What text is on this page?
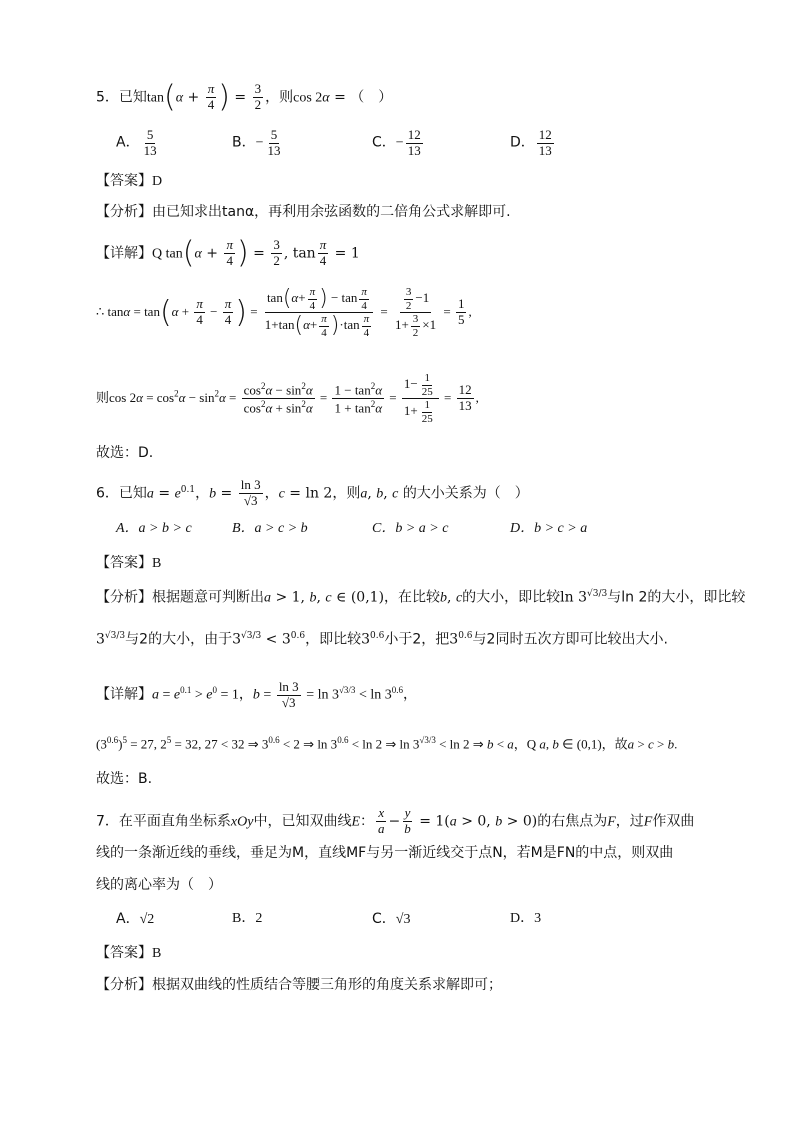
5．已知$\tan(\alpha + \frac{\pi}{4}$ ) = $\frac{3}{2}$ ，则cos 2α = （　）
A． $\frac{5}{13}$	B．− $\frac{5}{13}$	C．− $\frac{12}{13}$	D． $\frac{12}{13}$
【答案】D
【分析】由已知求出tanα，再利用余弦函数的二倍角公式求解即可.
【详解】Q $\tan(\alpha + \frac{\pi}{4}$ ) = $\frac{3}{2}$ , $\tan \frac{\pi}{4} = 1$
∴ $\tan\alpha = \tan(\alpha + \frac{\pi}{4} - \frac{\pi}{4}$ ) = $\frac{\tan(\alpha+ \frac{\pi}{4} ) - \tan \frac{\pi}{4}}{1+\tan(\alpha+ \frac{\pi}{4} )\cdot\tan \frac{\pi}{4}} = \frac{\frac{3}{2} -1}{1+ \frac{3}{2} \times 1} = \frac{1}{5}$ ,
则$\cos 2\alpha = \cos^2\alpha - \sin^2\alpha = \frac{\cos^2\alpha - \sin^2\alpha}{\cos^2\alpha + \sin^2\alpha} = \frac{1 - \tan^2\alpha}{1 + \tan^2\alpha} = \frac{1- \frac{1}{25}}{1+ \frac{1}{25}} = \frac{12}{13}$ ,
故选：D.
6．已知$a = e^{0.1}$，$b = \frac{\ln 3}{√3}$ ，c = ln 2，则a, b, c 的大小关系为（　）
A．a > b > c	B．a > c > b	C．b > a > c	D．b > c > a
【答案】B
【分析】根据题意可判断出a > 1, b, c ∈ (0,1)，在比较b, c的大小，即比较$\ln 3^{√3/3}$与ln 2的大小，即比较
$3^{√3/3}$与2的大小，由于$3^{√3/3} < 3^{0.6}$，即比较$3^{0.6}$小于2，把$3^{0.6}$与2同时五次方即可比较出大小.
【详解】$a = e^{0.1} > e^0 = 1$，$b = \frac{\ln 3}{√3} = \ln 3^{√3/3} < \ln 3^{0.6}$，
$(3^{0.6})^5 = 27$, $2^5 = 32$, 27 < 32 ⇒ $3^{0.6} < 2$ ⇒ $\ln 3^{0.6} < \ln 2$ ⇒ $\ln 3^{√3/3} < \ln 2$ ⇒ b < a，Q a, b ∈ (0,1)，故a > c > b.
故选：B.
7．在平面直角坐标系xOy中，已知双曲线E： $\frac{x}{a} - \frac{y}{b} = 1(a > 0$, b > 0)的右焦点为F，过F作双曲
线的一条渐近线的垂线，垂足为M，直线MF与另一渐近线交于点N，若M是FN的中点，则双曲
线的离心率为（　）
A．√2	B．2	C．√3	D．3
【答案】B
【分析】根据双曲线的性质结合等腰三角形的角度关系求解即可；
